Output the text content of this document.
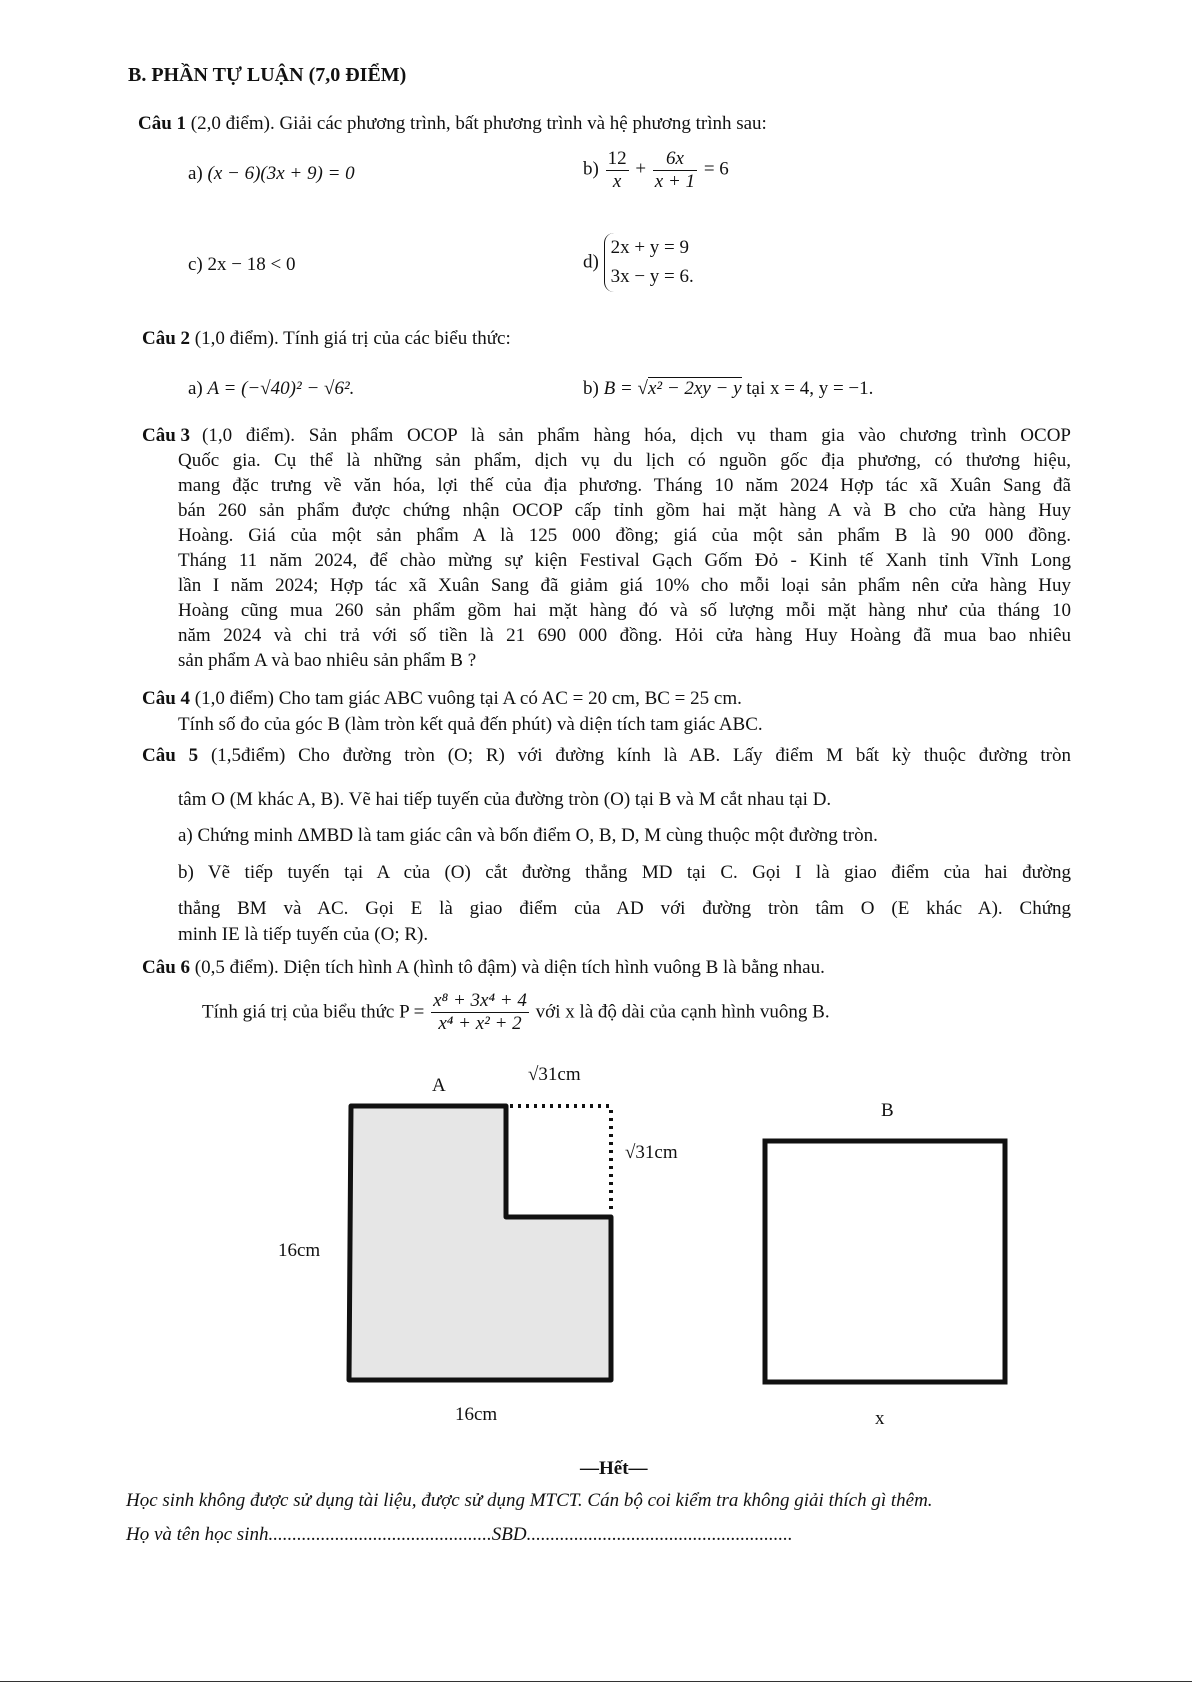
B. PHẦN TỰ LUẬN (7,0 ĐIỂM)
Câu 1 (2,0 điểm). Giải các phương trình, bất phương trình và hệ phương trình sau:
a) (x − 6)(3x + 9) = 0	$b) \frac{12}{x} + \frac{6x}{x + 1} = 6$
c) 2x − 18 < 0	d)
2x + y = 9
3x − y = 6.
Câu 2 (1,0 điểm). Tính giá trị của các biểu thức:
a) A = (−√40)² − √6².	b) B = √x² − 2xy − y tại x = 4, y = −1.
Câu 3 (1,0 điểm). Sản phẩm OCOP là sản phẩm hàng hóa, dịch vụ tham gia vào chương trình OCOP
Quốc gia. Cụ thể là những sản phẩm, dịch vụ du lịch có nguồn gốc địa phương, có thương hiệu,
mang đặc trưng về văn hóa, lợi thế của địa phương. Tháng 10 năm 2024 Hợp tác xã Xuân Sang đã
bán 260 sản phẩm được chứng nhận OCOP cấp tỉnh gồm hai mặt hàng A và B cho cửa hàng Huy
Hoàng. Giá của một sản phẩm A là 125 000 đồng; giá của một sản phẩm B là 90 000 đồng.
Tháng 11 năm 2024, để chào mừng sự kiện Festival Gạch Gốm Đỏ - Kinh tế Xanh tỉnh Vĩnh Long
lần I năm 2024; Hợp tác xã Xuân Sang đã giảm giá 10% cho mỗi loại sản phẩm nên cửa hàng Huy
Hoàng cũng mua 260 sản phẩm gồm hai mặt hàng đó và số lượng mỗi mặt hàng như của tháng 10
năm 2024 và chi trả với số tiền là 21 690 000 đồng. Hỏi cửa hàng Huy Hoàng đã mua bao nhiêu
sản phẩm A và bao nhiêu sản phẩm B ?
Câu 4 (1,0 điểm) Cho tam giác ABC vuông tại A có AC = 20 cm, BC = 25 cm.
Tính số đo của góc B (làm tròn kết quả đến phút) và diện tích tam giác ABC.
Câu 5 (1,5điểm) Cho đường tròn (O; R) với đường kính là AB. Lấy điểm M bất kỳ thuộc đường tròn
tâm O (M khác A, B). Vẽ hai tiếp tuyến của đường tròn (O) tại B và M cắt nhau tại D.
a) Chứng minh ΔMBD là tam giác cân và bốn điểm O, B, D, M cùng thuộc một đường tròn.
b) Vẽ tiếp tuyến tại A của (O) cắt đường thẳng MD tại C. Gọi I là giao điểm của hai đường
thẳng BM và AC. Gọi E là giao điểm của AD với đường tròn tâm O (E khác A). Chứng
minh IE là tiếp tuyến của (O; R).
Câu 6 (0,5 điểm). Diện tích hình A (hình tô đậm) và diện tích hình vuông B là bằng nhau.
Tính giá trị của biểu thức $P = \frac{\text{x⁸ + 3x⁴ + 4}}{\text{x⁴ + x² + 2}}$ với x là độ dài của cạnh hình vuông B.
A
√31cm
√31cm
16cm
16cm
B
x
—Hết—
Học sinh không được sử dụng tài liệu, được sử dụng MTCT. Cán bộ coi kiểm tra không giải thích gì thêm.
Họ và tên học sinh...............................................SBD........................................................
